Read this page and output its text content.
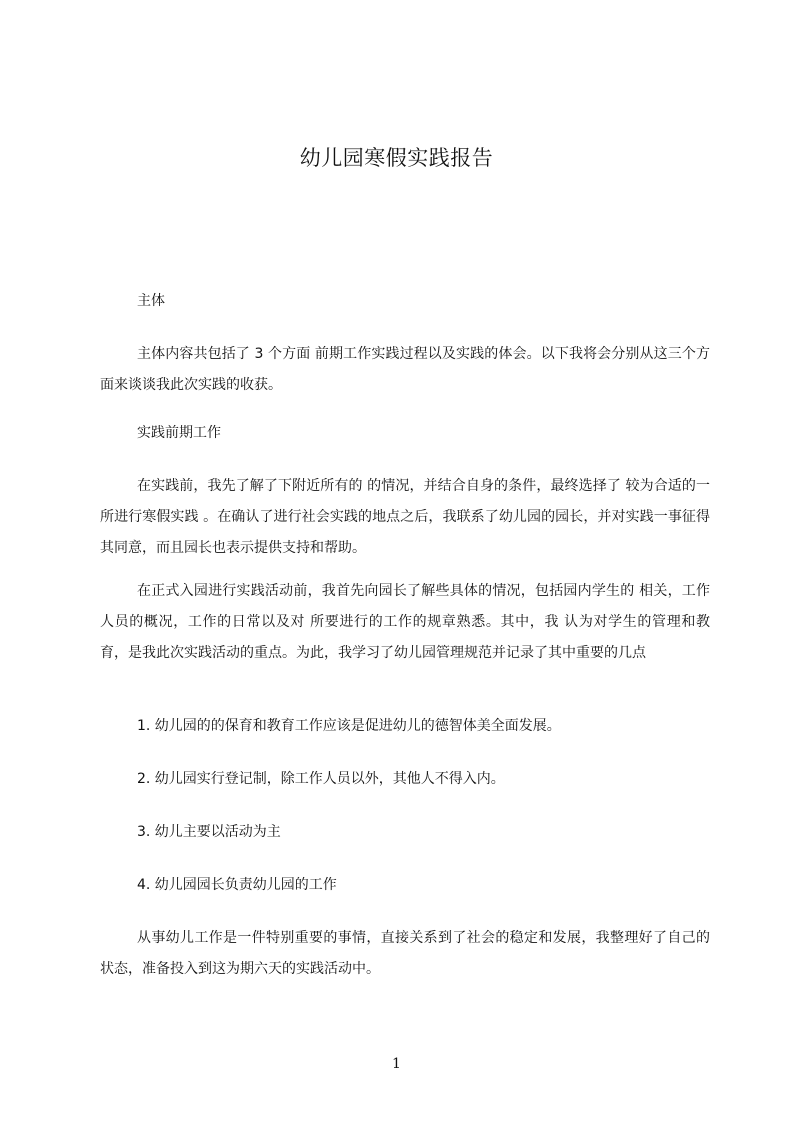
幼儿园寒假实践报告

主体

主体内容共包括了 3 个方面 前期工作实践过程以及实践的体会。以下我将会分别从这三个方面来谈谈我此次实践的收获。

实践前期工作

在实践前，我先了解了下附近所有的 的情况，并结合自身的条件，最终选择了 较为合适的一所进行寒假实践 。在确认了进行社会实践的地点之后，我联系了幼儿园的园长，并对实践一事征得其同意，而且园长也表示提供支持和帮助。

在正式入园进行实践活动前，我首先向园长了解些具体的情况，包括园内学生的 相关，工作人员的概况，工作的日常以及对 所要进行的工作的规章熟悉。其中，我 认为对学生的管理和教育，是我此次实践活动的重点。为此，我学习了幼儿园管理规范并记录了其中重要的几点

1. 幼儿园的的保育和教育工作应该是促进幼儿的德智体美全面发展。

2. 幼儿园实行登记制，除工作人员以外，其他人不得入内。

3. 幼儿主要以活动为主

4. 幼儿园园长负责幼儿园的工作

从事幼儿工作是一件特别重要的事情，直接关系到了社会的稳定和发展，我整理好了自己的状态，准备投入到这为期六天的实践活动中。

1
